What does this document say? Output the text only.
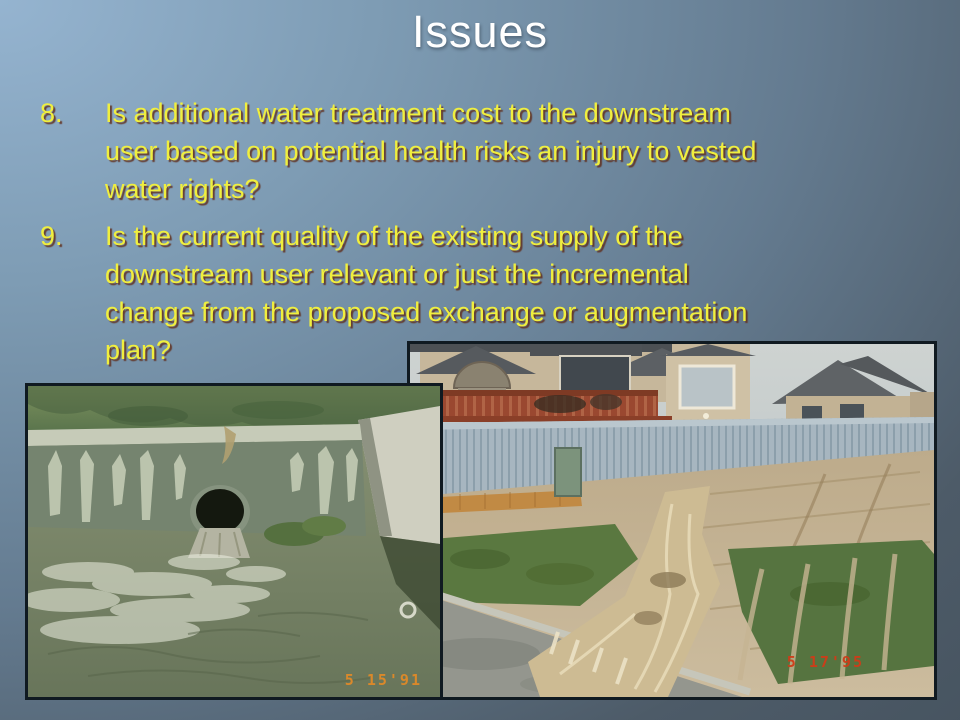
Issues
8.	Is additional water treatment cost to the downstream
user based on potential health risks an injury to vested
water rights?
9.	Is the current quality of the existing supply of the
downstream user relevant or just the incremental
change from the proposed exchange or augmentation
plan?
5 17'95
5 15'91
